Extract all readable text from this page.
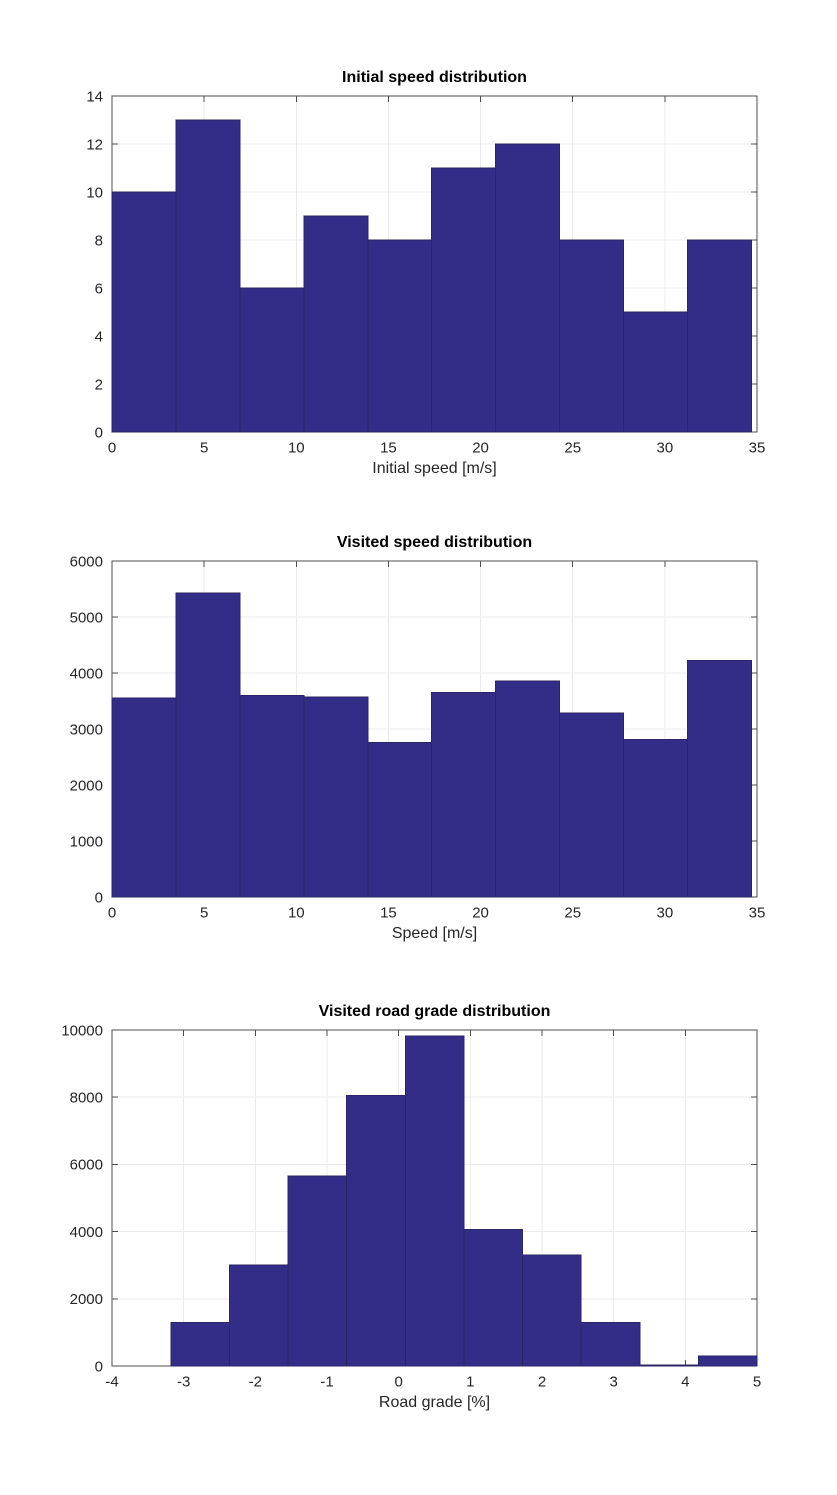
Initial speed distribution
0	5	10	15	20	25	30	35
0
2
4
6
8
10
12
14
Initial speed [m/s]
Visited speed distribution
0	5	10	15	20	25	30	35
0
1000
2000
3000
4000
5000
6000
Speed [m/s]
Visited road grade distribution
-4	-3	-2	-1	0	1	2	3	4	5
0
2000
4000
6000
8000
10000
Road grade [%]
